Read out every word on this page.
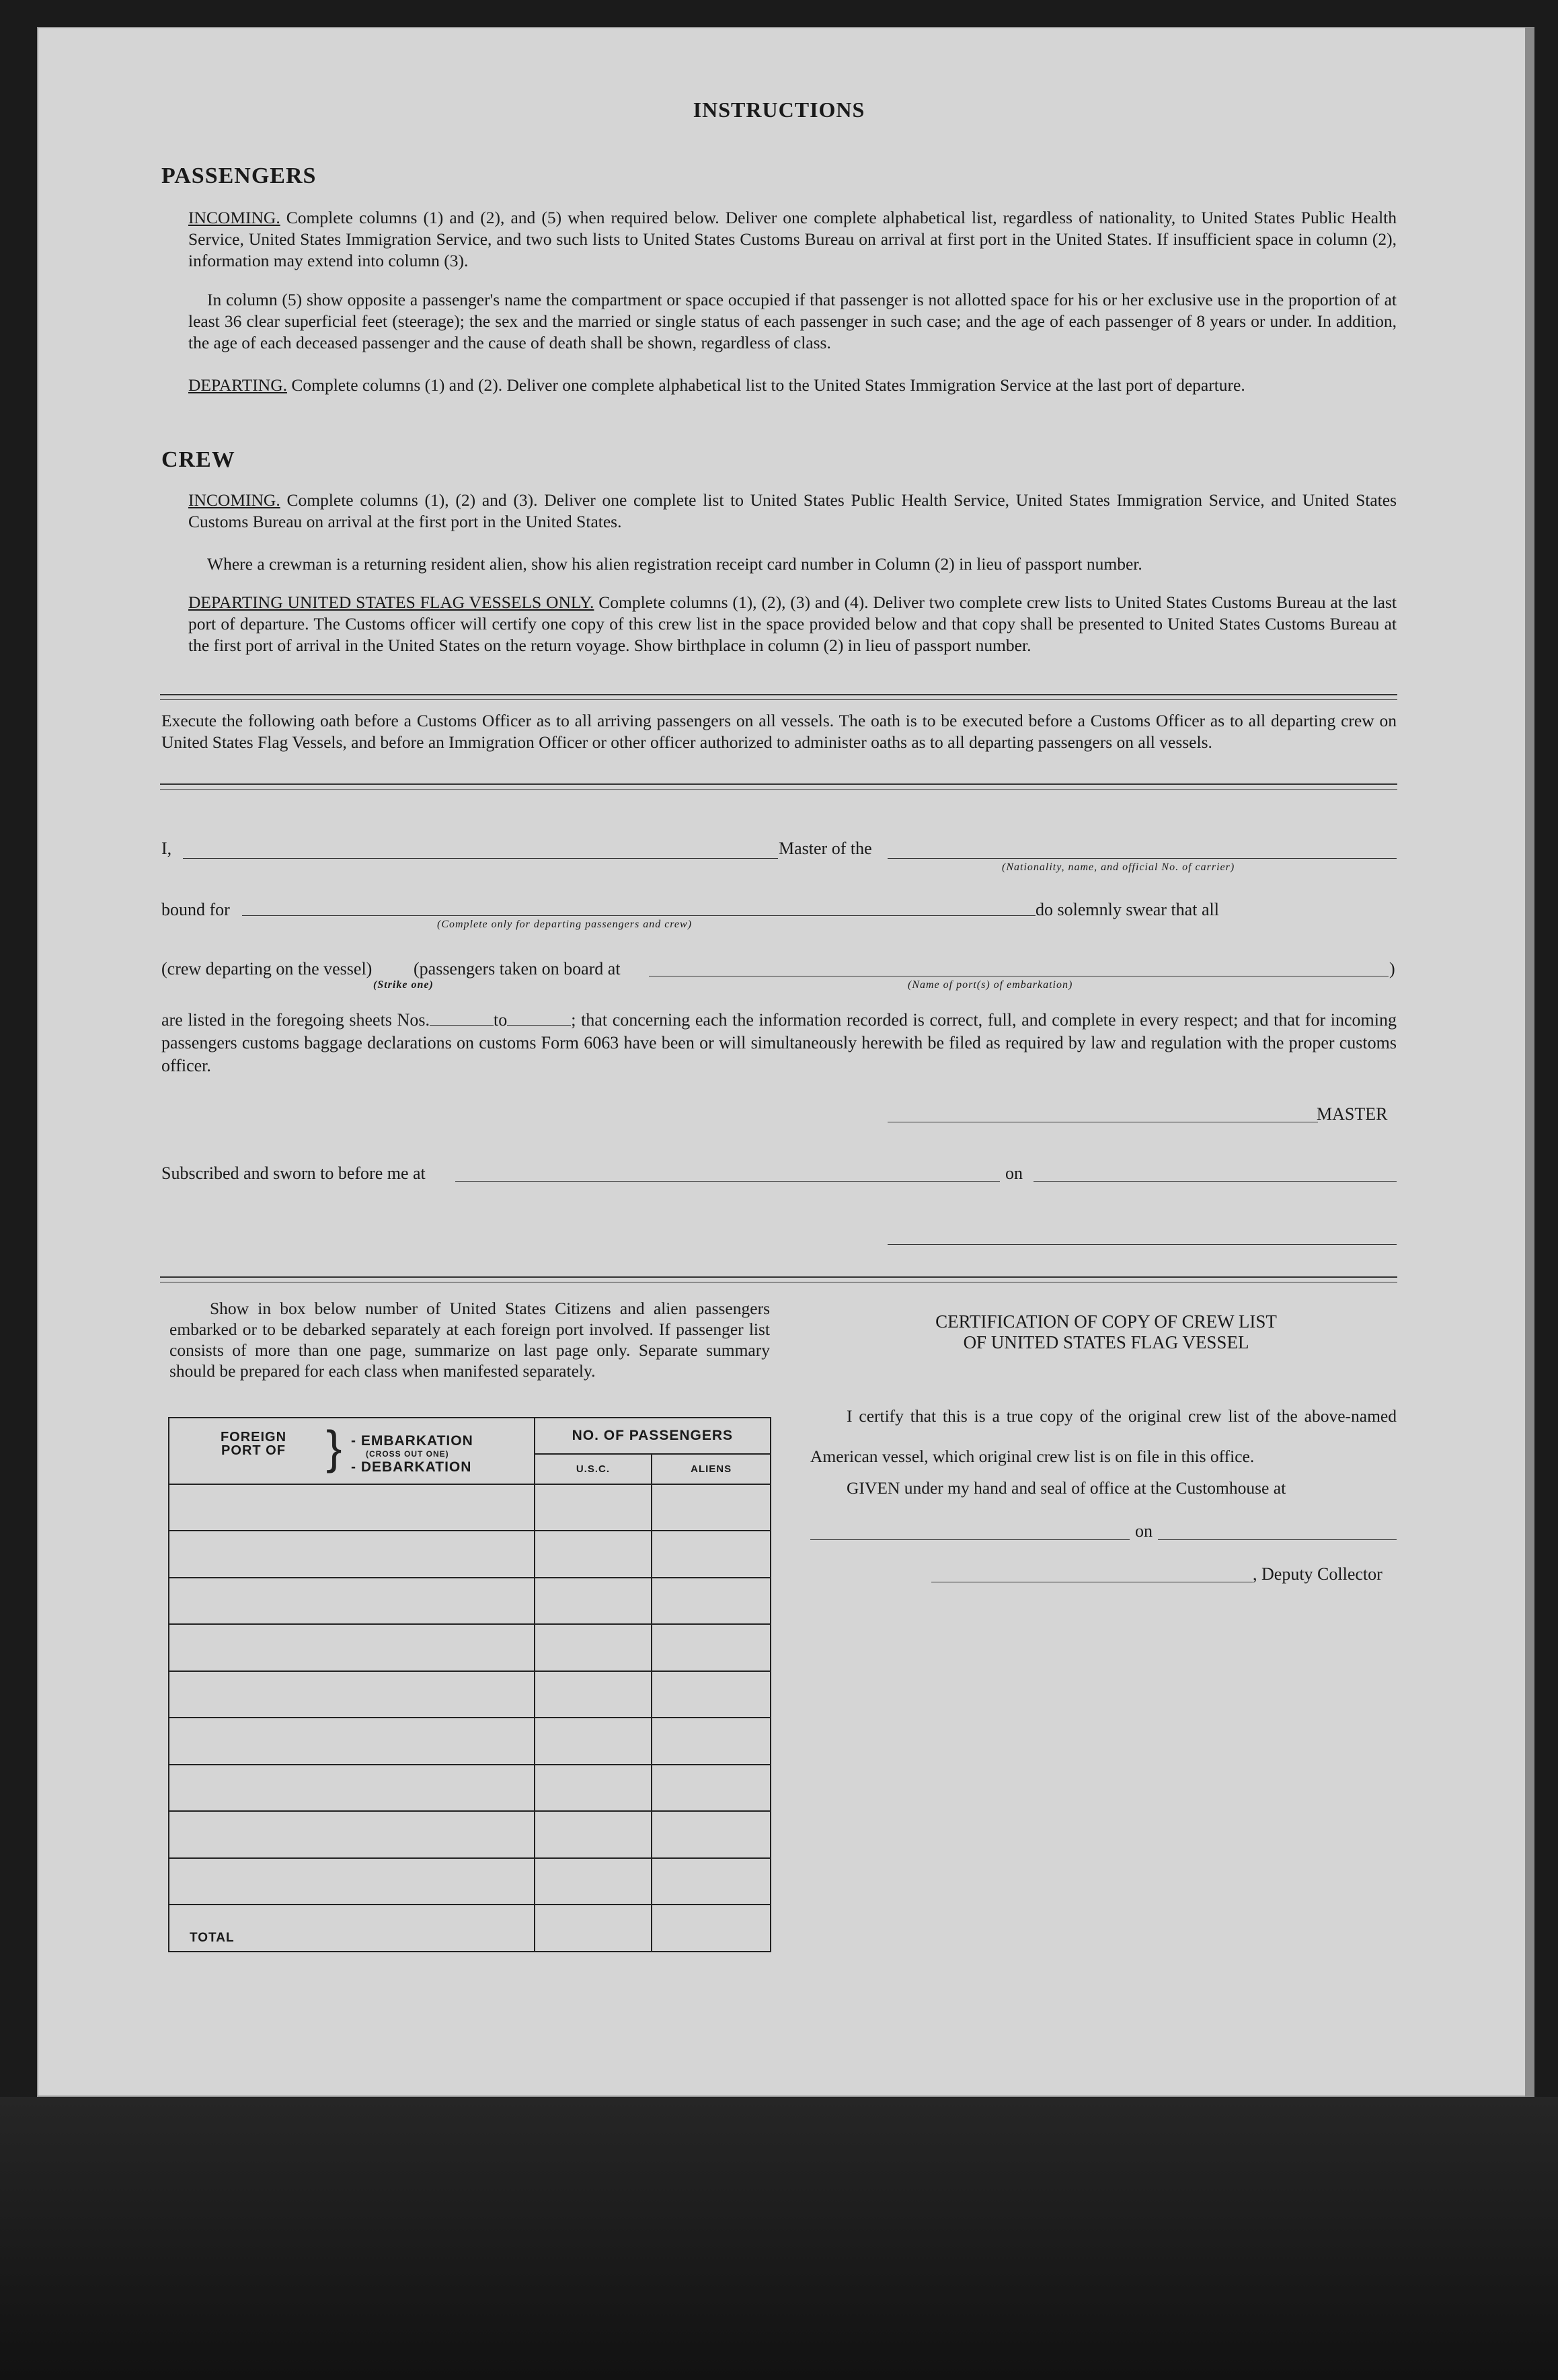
INSTRUCTIONS
PASSENGERS
INCOMING. Complete columns (1) and (2), and (5) when required below. Deliver one complete alphabetical list, regardless of nationality, to United States Public Health Service, United States Immigration Service, and two such lists to United States Customs Bureau on arrival at first port in the United States. If insufficient space in column (2), information may extend into column (3).
In column (5) show opposite a passenger's name the compartment or space occupied if that passenger is not allotted space for his or her exclusive use in the proportion of at least 36 clear superficial feet (steerage); the sex and the married or single status of each passenger in such case; and the age of each passenger of 8 years or under. In addition, the age of each deceased passenger and the cause of death shall be shown, regardless of class.
DEPARTING. Complete columns (1) and (2). Deliver one complete alphabetical list to the United States Immigration Service at the last port of departure.
CREW
INCOMING. Complete columns (1), (2) and (3). Deliver one complete list to United States Public Health Service, United States Immigration Service, and United States Customs Bureau on arrival at the first port in the United States.
Where a crewman is a returning resident alien, show his alien registration receipt card number in Column (2) in lieu of passport number.
DEPARTING UNITED STATES FLAG VESSELS ONLY. Complete columns (1), (2), (3) and (4). Deliver two complete crew lists to United States Customs Bureau at the last port of departure. The Customs officer will certify one copy of this crew list in the space provided below and that copy shall be presented to United States Customs Bureau at the first port of arrival in the United States on the return voyage. Show birthplace in column (2) in lieu of passport number.
Execute the following oath before a Customs Officer as to all arriving passengers on all vessels. The oath is to be executed before a Customs Officer as to all departing crew on United States Flag Vessels, and before an Immigration Officer or other officer authorized to administer oaths as to all departing passengers on all vessels.
I,	Master of the
(Nationality, name, and official No. of carrier)
bound for
(Complete only for departing passengers and crew)
do solemnly swear that all
(crew departing on the vessel) (passengers taken on board at	)
(Strike one)	(Name of port(s) of embarkation)
are listed in the foregoing sheets Nos.	to	; that concerning each the information recorded is correct, full, and complete in every respect; and that for incoming passengers customs baggage declarations on customs Form 6063 have been or will simultaneously herewith be filed as required by law and regulation with the proper customs officer.
MASTER
Subscribed and sworn to before me at	on
Show in box below number of United States Citizens and alien passengers embarked or to be debarked separately at each foreign port involved. If passenger list consists of more than one page, summarize on last page only. Separate summary should be prepared for each class when manifested separately.
FOREIGN PORT OF } - EMBARKATION
(CROSS OUT ONE)
- DEBARKATION	NO. OF PASSENGERS	
	U.S.C.	ALIENS

TOTAL		
CERTIFICATION OF COPY OF CREW LIST
OF UNITED STATES FLAG VESSEL
I certify that this is a true copy of the original crew list of the above-named American vessel, which original crew list is on file in this office.
GIVEN under my hand and seal of office at the Customhouse at
on
, Deputy Collector
